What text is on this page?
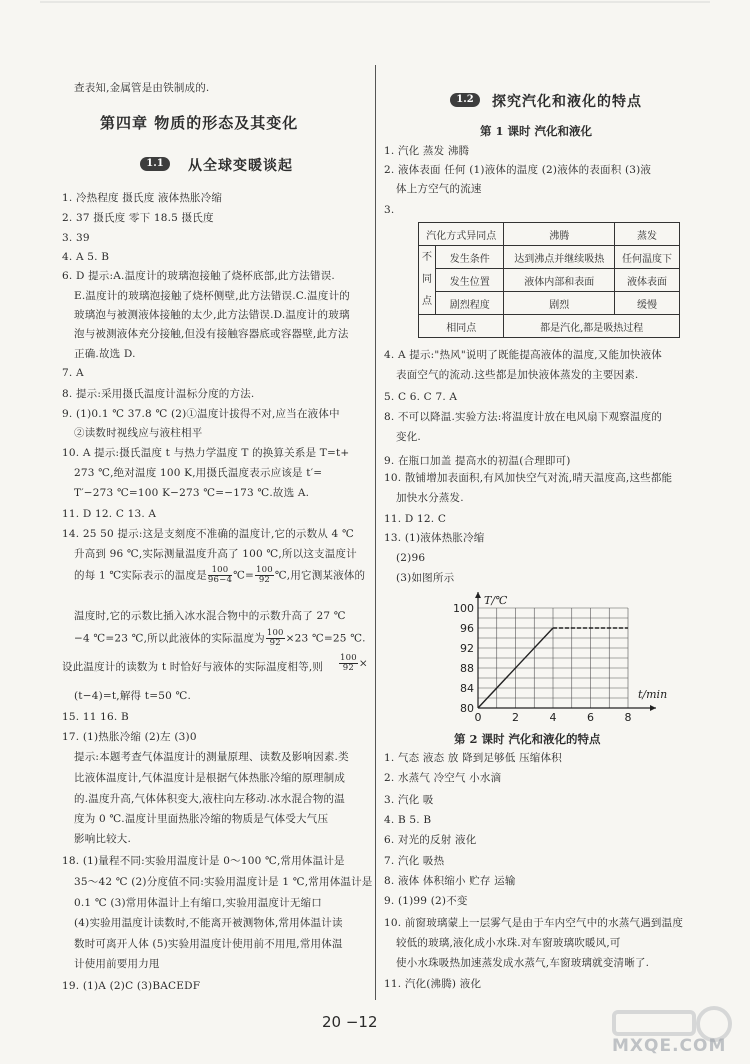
查表知,金属管是由铁制成的.
第四章 物质的形态及其变化
1.1	从全球变暖谈起
1. 冷热程度 摄氏度 液体热胀冷缩
2. 37 摄氏度 零下 18.5 摄氏度
3. 39
4. A 5. B
6. D 提示:A.温度计的玻璃泡接触了烧杯底部,此方法错误.
E.温度计的玻璃泡接触了烧杯侧壁,此方法错误.C.温度计的
玻璃泡与被测液体接触的太少,此方法错误.D.温度计的玻璃
泡与被测液体充分接触,但没有接触容器底或容器壁,此方法
正确.故选 D.
7. A
8. 提示:采用摄氏温度计温标分度的方法.
9. (1)0.1 ℃ 37.8 ℃ (2)①温度计拔得不对,应当在液体中
②读数时视线应与液柱相平
10. A 提示:摄氏温度 t 与热力学温度 T 的换算关系是 T=t+
273 ℃,绝对温度 100 K,用摄氏温度表示应该是 t′=
T′−273 ℃=100 K−273 ℃=−173 ℃.故选 A.
11. D 12. C 13. A
14. 25 50 提示:这是支刻度不准确的温度计,它的示数从 4 ℃
升高到 96 ℃,实际测量温度升高了 100 ℃,所以这支温度计
温度时,它的示数比插入冰水混合物中的示数升高了 27 ℃
设此温度计的读数为 t 时恰好与液体的实际温度相等,则
(t−4)=t,解得 t=50 ℃.
15. 11 16. B
17. (1)热胀冷缩 (2)左 (3)0
提示:本题考查气体温度计的测量原理、读数及影响因素.类
比液体温度计,气体温度计是根据气体热胀冷缩的原理制成
的.温度升高,气体体积变大,液柱向左移动.冰水混合物的温
度为 0 ℃.温度计里面热胀冷缩的物质是气体受大气压
影响比较大.
18. (1)量程不同:实验用温度计是 0～100 ℃,常用体温计是
35～42 ℃ (2)分度值不同:实验用温度计是 1 ℃,常用体温计是
0.1 ℃ (3)常用体温计上有缩口,实验用温度计无缩口
(4)实验用温度计读数时,不能离开被测物体,常用体温计读
数时可离开人体 (5)实验用温度计使用前不用甩,常用体温
计使用前要用力甩
19. (1)A (2)C (3)BACEDF
的每 1 ℃实际表示的温度是 $\frac{100}{96-4}$ ℃= $\frac{100}{92}$ ℃,用它测某液体的
−4 ℃=23 ℃,所以此液体的实际温度为 $\frac{100}{92} \times 23$ ℃=25 ℃.
$\frac{100}{92}$ ×
1.2	探究汽化和液化的特点
第 1 课时 汽化和液化
1. 汽化 蒸发 沸腾
2. 液体表面 任何 (1)液体的温度 (2)液体的表面积 (3)液
体上方空气的流速
3.
汽化方式异同点		沸腾	蒸发
不同点	发生条件	达到沸点并继续吸热	任何温度下
	发生位置	液体内部和表面	液体表面
	剧烈程度	剧烈	缓慢
相同点		都是汽化,都是吸热过程	
4. A 提示:"热风"说明了既能提高液体的温度,又能加快液体
表面空气的流动.这些都是加快液体蒸发的主要因素.
5. C 6. C 7. A
8. 不可以降温.实验方法:将温度计放在电风扇下观察温度的
变化.
9. 在瓶口加盖 提高水的初温(合理即可)
10. 散铺增加表面积,有风加快空气对流,晴天温度高,这些都能
加快水分蒸发.
11. D 12. C
13. (1)液体热胀冷缩
(2)96
(3)如图所示
0	2	4	6	8
80
84
88
92
96
100
t/min
T/℃
第 2 课时 汽化和液化的特点
1. 气态 液态 放 降到足够低 压缩体积
2. 水蒸气 冷空气 小水滴
3. 汽化 吸
4. B 5. B
6. 对光的反射 液化
7. 汽化 吸热
8. 液体 体积缩小 贮存 运输
9. (1)99 (2)不变
10. 前窗玻璃蒙上一层雾气是由于车内空气中的水蒸气遇到温度
较低的玻璃,液化成小水珠.对车窗玻璃吹暖风,可
使小水珠吸热加速蒸发成水蒸气,车窗玻璃就变清晰了.
11. 汽化(沸腾) 液化
20 −12
MXQE.COM
